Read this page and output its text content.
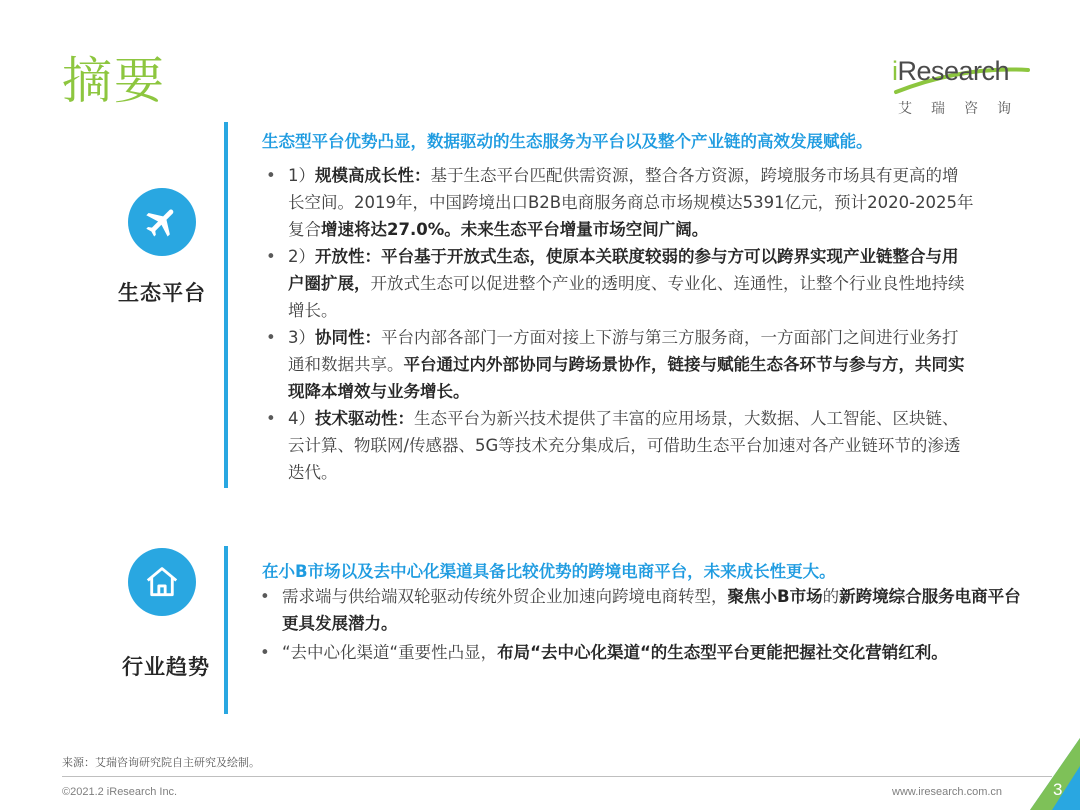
摘要	iResearch
艾瑞咨询
生态平台
生态型平台优势凸显，数据驱动的生态服务为平台以及整个产业链的高效发展赋能。
• 1）规模高成长性：基于生态平台匹配供需资源，整合各方资源，跨境服务市场具有更高的增长空间。2019年，中国跨境出口B2B电商服务商总市场规模达5391亿元，预计2020-2025年复合增速将达27.0%。未来生态平台增量市场空间广阔。
• 2）开放性：平台基于开放式生态，使原本关联度较弱的参与方可以跨界实现产业链整合与用户圈扩展，开放式生态可以促进整个产业的透明度、专业化、连通性，让整个行业良性地持续增长。
• 3）协同性：平台内部各部门一方面对接上下游与第三方服务商，一方面部门之间进行业务打通和数据共享。平台通过内外部协同与跨场景协作，链接与赋能生态各环节与参与方，共同实现降本增效与业务增长。
• 4）技术驱动性：生态平台为新兴技术提供了丰富的应用场景，大数据、人工智能、区块链、云计算、物联网/传感器、5G等技术充分集成后，可借助生态平台加速对各产业链环节的渗透迭代。
行业趋势
在小B市场以及去中心化渠道具备比较优势的跨境电商平台，未来成长性更大。
• 需求端与供给端双轮驱动传统外贸企业加速向跨境电商转型，聚焦小B市场的新跨境综合服务电商平台更具发展潜力。
• “去中心化渠道“重要性凸显，布局“去中心化渠道“的生态型平台更能把握社交化营销红利。
来源：艾瑞咨询研究院自主研究及绘制。
©2021.2 iResearch Inc.	www.iresearch.com.cn	3
